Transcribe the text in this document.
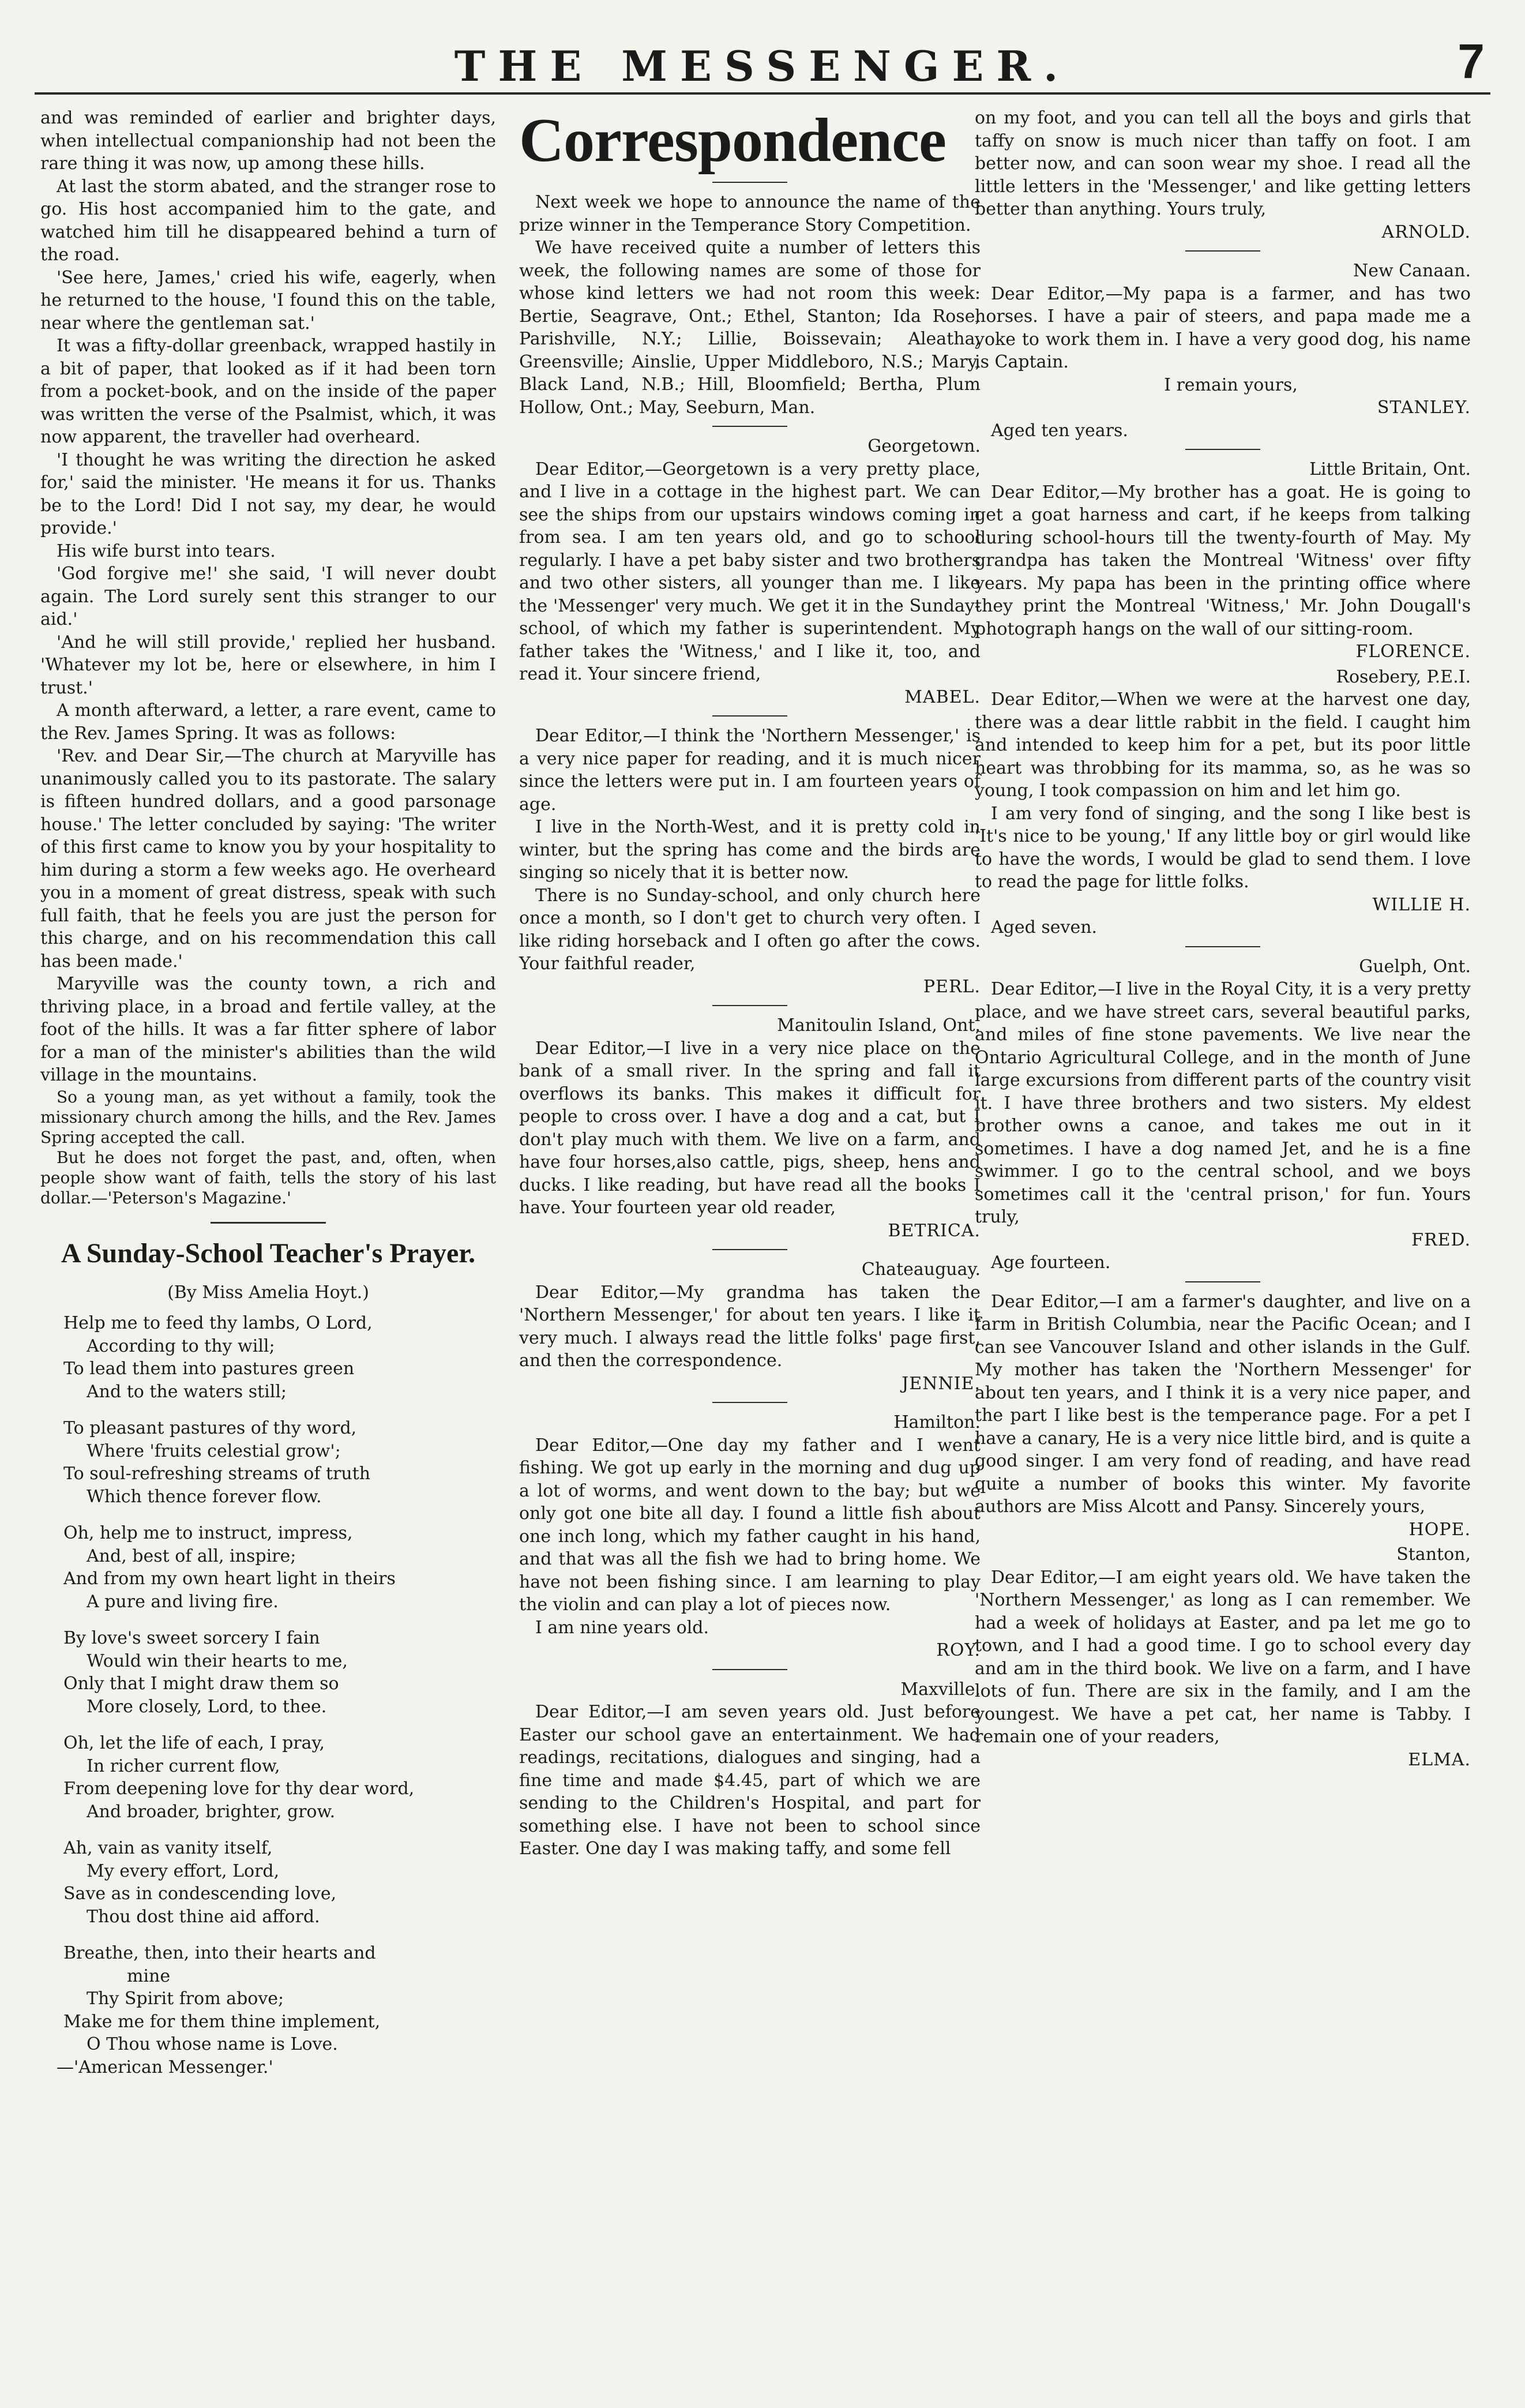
THE MESSENGER.	7

and was reminded of earlier and brighter days, when intellectual companionship had not been the rare thing it was now, up among these hills.

At last the storm abated, and the stranger rose to go. His host accompanied him to the gate, and watched him till he disappeared behind a turn of the road.

'See here, James,' cried his wife, eagerly, when he returned to the house, 'I found this on the table, near where the gentleman sat.'

It was a fifty-dollar greenback, wrapped hastily in a bit of paper, that looked as if it had been torn from a pocket-book, and on the inside of the paper was written the verse of the Psalmist, which, it was now apparent, the traveller had overheard.

'I thought he was writing the direction he asked for,' said the minister. 'He means it for us. Thanks be to the Lord! Did I not say, my dear, he would provide.'

His wife burst into tears.

'God forgive me!' she said, 'I will never doubt again. The Lord surely sent this stranger to our aid.'

'And he will still provide,' replied her husband. 'Whatever my lot be, here or elsewhere, in him I trust.'

A month afterward, a letter, a rare event, came to the Rev. James Spring. It was as follows:

'Rev. and Dear Sir,—The church at Maryville has unanimously called you to its pastorate. The salary is fifteen hundred dollars, and a good parsonage house.' The letter concluded by saying: 'The writer of this first came to know you by your hospitality to him during a storm a few weeks ago. He overheard you in a moment of great distress, speak with such full faith, that he feels you are just the person for this charge, and on his recommendation this call has been made.'

Maryville was the county town, a rich and thriving place, in a broad and fertile valley, at the foot of the hills. It was a far fitter sphere of labor for a man of the minister's abilities than the wild village in the mountains.

So a young man, as yet without a family, took the missionary church among the hills, and the Rev. James Spring accepted the call.

But he does not forget the past, and, often, when people show want of faith, tells the story of his last dollar.—'Peterson's Magazine.'

A Sunday-School Teacher's Prayer.
(By Miss Amelia Hoyt.)
Help me to feed thy lambs, O Lord,
According to thy will;
To lead them into pastures green
And to the waters still;
To pleasant pastures of thy word,
Where 'fruits celestial grow';
To soul-refreshing streams of truth
Which thence forever flow.
Oh, help me to instruct, impress,
And, best of all, inspire;
And from my own heart light in theirs
A pure and living fire.
By love's sweet sorcery I fain
Would win their hearts to me,
Only that I might draw them so
More closely, Lord, to thee.
Oh, let the life of each, I pray,
In richer current flow,
From deepening love for thy dear word,
And broader, brighter, grow.
Ah, vain as vanity itself,
My every effort, Lord,
Save as in condescending love,
Thou dost thine aid afford.
Breathe, then, into their hearts and
mine
Thy Spirit from above;
Make me for them thine implement,
O Thou whose name is Love.

—'American Messenger.'

Correspondence

Next week we hope to announce the name of the prize winner in the Temperance Story Competition.

We have received quite a number of letters this week, the following names are some of those for whose kind letters we had not room this week: Bertie, Seagrave, Ont.; Ethel, Stanton; Ida Rose, Parishville, N.Y.; Lillie, Boissevain; Aleatha, Greensville; Ainslie, Upper Middleboro, N.S.; Mary, Black Land, N.B.; Hill, Bloomfield; Bertha, Plum Hollow, Ont.; May, Seeburn, Man.

Georgetown.

Dear Editor,—Georgetown is a very pretty place, and I live in a cottage in the highest part. We can see the ships from our upstairs windows coming in from sea. I am ten years old, and go to school regularly. I have a pet baby sister and two brothers and two other sisters, all younger than me. I like the 'Messenger' very much. We get it in the Sunday-school, of which my father is superintendent. My father takes the 'Witness,' and I like it, too, and read it. Your sincere friend,

MABEL.

Dear Editor,—I think the 'Northern Messenger,' is a very nice paper for reading, and it is much nicer since the letters were put in. I am fourteen years of age.

I live in the North-West, and it is pretty cold in winter, but the spring has come and the birds are singing so nicely that it is better now.

There is no Sunday-school, and only church here once a month, so I don't get to church very often. I like riding horseback and I often go after the cows. Your faithful reader,

PERL.

Manitoulin Island, Ont.

Dear Editor,—I live in a very nice place on the bank of a small river. In the spring and fall it overflows its banks. This makes it difficult for people to cross over. I have a dog and a cat, but I don't play much with them. We live on a farm, and have four horses,also cattle, pigs, sheep, hens and ducks. I like reading, but have read all the books I have. Your fourteen year old reader,

BETRICA.

Chateauguay.

Dear Editor,—My grandma has taken the 'Northern Messenger,' for about ten years. I like it very much. I always read the little folks' page first, and then the correspondence.

JENNIE.

Hamilton.

Dear Editor,—One day my father and I went fishing. We got up early in the morning and dug up a lot of worms, and went down to the bay; but we only got one bite all day. I found a little fish about one inch long, which my father caught in his hand, and that was all the fish we had to bring home. We have not been fishing since. I am learning to play the violin and can play a lot of pieces now.

I am nine years old.

ROY.

Maxville.

Dear Editor,—I am seven years old. Just before Easter our school gave an entertainment. We had readings, recitations, dialogues and singing, had a fine time and made $4.45, part of which we are sending to the Children's Hospital, and part for something else. I have not been to school since Easter. One day I was making taffy, and some fell

on my foot, and you can tell all the boys and girls that taffy on snow is much nicer than taffy on foot. I am better now, and can soon wear my shoe. I read all the little letters in the 'Messenger,' and like getting letters better than anything. Yours truly,

ARNOLD.

New Canaan.

Dear Editor,—My papa is a farmer, and has two horses. I have a pair of steers, and papa made me a yoke to work them in. I have a very good dog, his name is Captain.

I remain yours,

STANLEY.

Aged ten years.

Little Britain, Ont.

Dear Editor,—My brother has a goat. He is going to get a goat harness and cart, if he keeps from talking during school-hours till the twenty-fourth of May. My grandpa has taken the Montreal 'Witness' over fifty years. My papa has been in the printing office where they print the Montreal 'Witness,' Mr. John Dougall's photograph hangs on the wall of our sitting-room.

FLORENCE.

Rosebery, P.E.I.

Dear Editor,—When we were at the harvest one day, there was a dear little rabbit in the field. I caught him and intended to keep him for a pet, but its poor little heart was throbbing for its mamma, so, as he was so young, I took compassion on him and let him go.

I am very fond of singing, and the song I like best is 'It's nice to be young,' If any little boy or girl would like to have the words, I would be glad to send them. I love to read the page for little folks.

WILLIE H.

Aged seven.

Guelph, Ont.

Dear Editor,—I live in the Royal City, it is a very pretty place, and we have street cars, several beautiful parks, and miles of fine stone pavements. We live near the Ontario Agricultural College, and in the month of June large excursions from different parts of the country visit it. I have three brothers and two sisters. My eldest brother owns a canoe, and takes me out in it sometimes. I have a dog named Jet, and he is a fine swimmer. I go to the central school, and we boys sometimes call it the 'central prison,' for fun. Yours truly,

FRED.

Age fourteen.

Dear Editor,—I am a farmer's daughter, and live on a farm in British Columbia, near the Pacific Ocean; and I can see Vancouver Island and other islands in the Gulf. My mother has taken the 'Northern Messenger' for about ten years, and I think it is a very nice paper, and the part I like best is the temperance page. For a pet I have a canary, He is a very nice little bird, and is quite a good singer. I am very fond of reading, and have read quite a number of books this winter. My favorite authors are Miss Alcott and Pansy. Sincerely yours,

HOPE.

Stanton,

Dear Editor,—I am eight years old. We have taken the 'Northern Messenger,' as long as I can remember. We had a week of holidays at Easter, and pa let me go to town, and I had a good time. I go to school every day and am in the third book. We live on a farm, and I have lots of fun. There are six in the family, and I am the youngest. We have a pet cat, her name is Tabby. I remain one of your readers,

ELMA.
